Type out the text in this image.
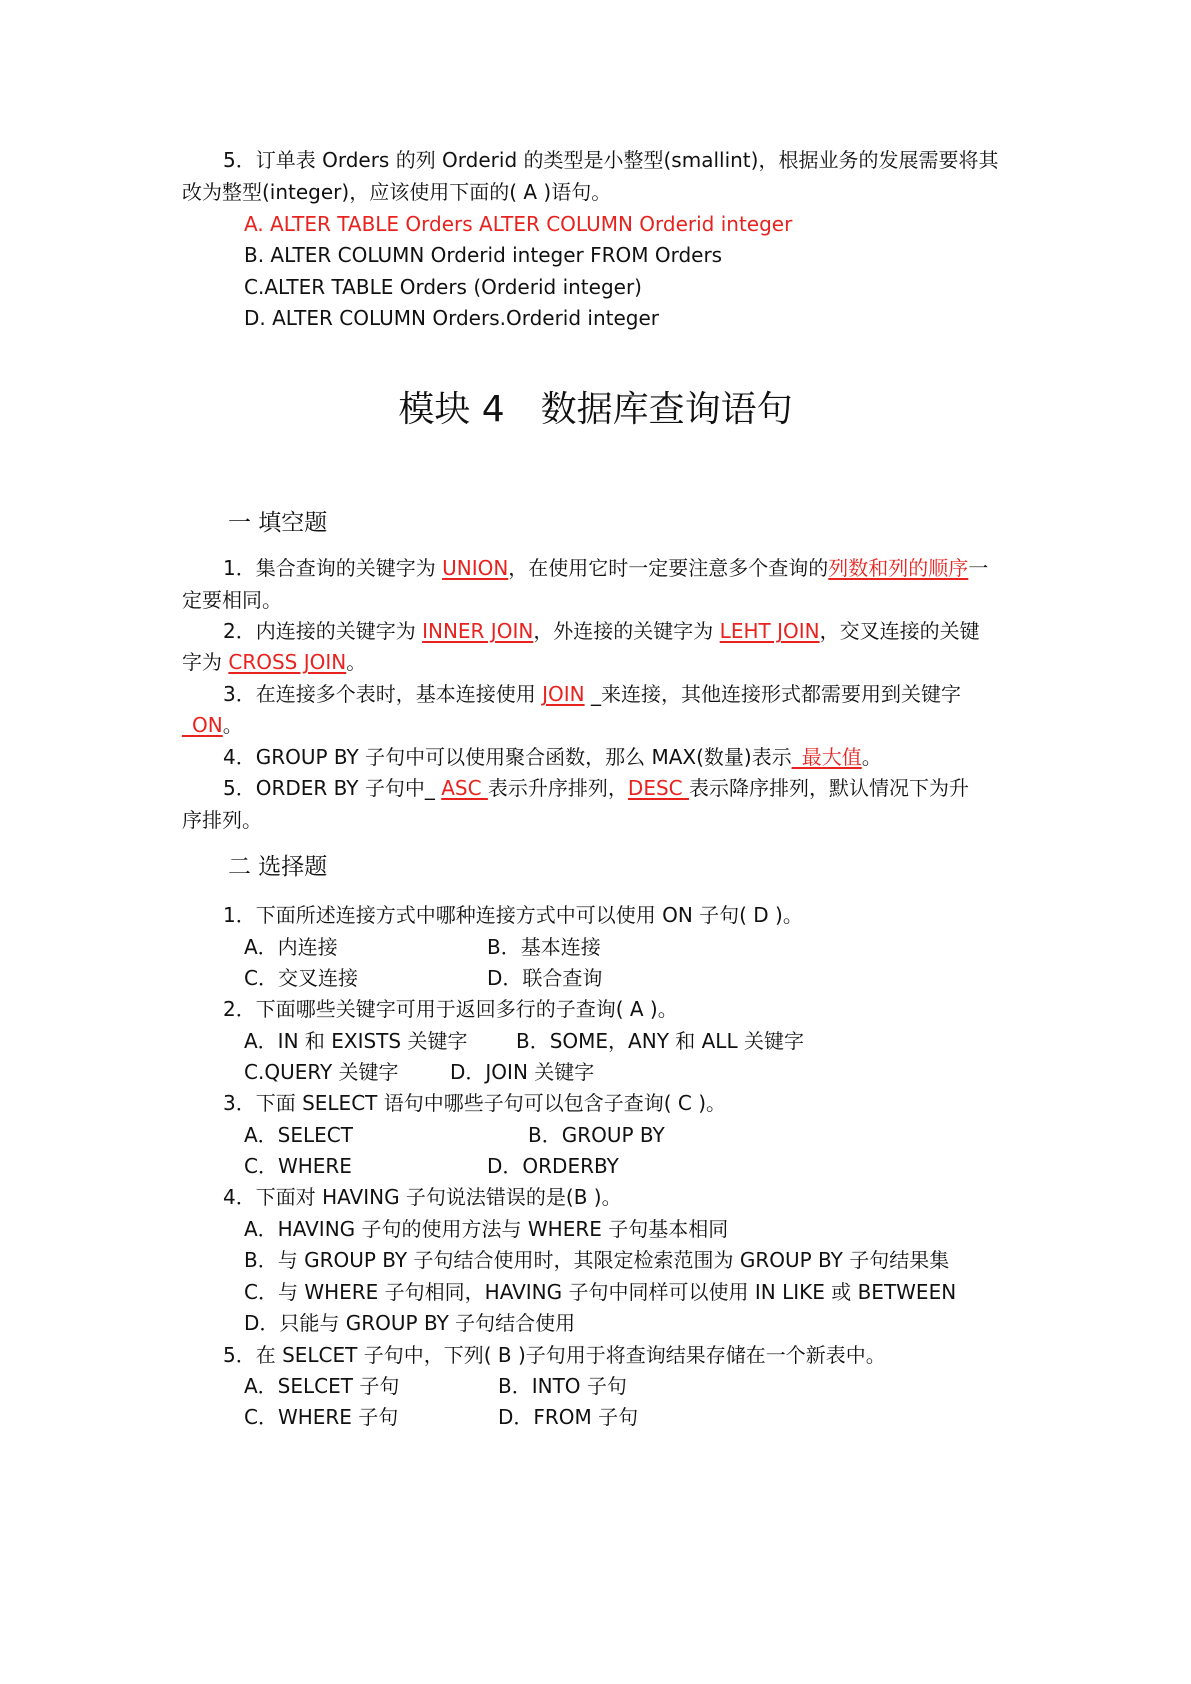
5．订单表 Orders 的列 Orderid 的类型是小整型(smallint)，根据业务的发展需要将其
改为整型(integer)，应该使用下面的( A )语句。
A. ALTER TABLE Orders ALTER COLUMN Orderid integer
B. ALTER COLUMN Orderid integer FROM Orders
C.ALTER TABLE Orders (Orderid integer)
D. ALTER COLUMN Orders.Orderid integer
模块 4　数据库查询语句
一 填空题
1．集合查询的关键字为 UNION，在使用它时一定要注意多个查询的列数和列的顺序一
定要相同。
2．内连接的关键字为 INNER JOIN，外连接的关键字为 LEHT JOIN，交叉连接的关键
字为 CROSS JOIN。
3．在连接多个表时，基本连接使用 JOIN _来连接，其他连接形式都需要用到关键字
_ON。
4．GROUP BY 子句中可以使用聚合函数，那么 MAX(数量)表示_最大值。
5．ORDER BY 子句中_ ASC 表示升序排列，DESC 表示降序排列，默认情况下为升
序排列。
二 选择题
1．下面所述连接方式中哪种连接方式中可以使用 ON 子句( D )。
A．内连接	B．基本连接
C．交叉连接	D．联合查询
2．下面哪些关键字可用于返回多行的子查询( A )。
A．IN 和 EXISTS 关键字 B．SOME，ANY 和 ALL 关键字
C.QUERY 关键字	D．JOIN 关键字
3．下面 SELECT 语句中哪些子句可以包含子查询( C )。
A．SELECT	B．GROUP BY
C．WHERE	D．ORDERBY
4．下面对 HAVING 子句说法错误的是(B )。
A．HAVING 子句的使用方法与 WHERE 子句基本相同
B．与 GROUP BY 子句结合使用时，其限定检索范围为 GROUP BY 子句结果集
C．与 WHERE 子句相同，HAVING 子句中同样可以使用 IN LIKE 或 BETWEEN
D．只能与 GROUP BY 子句结合使用
5．在 SELCET 子句中，下列( B )子句用于将查询结果存储在一个新表中。
A．SELCET 子句	B．INTO 子句
C．WHERE 子句	D．FROM 子句
